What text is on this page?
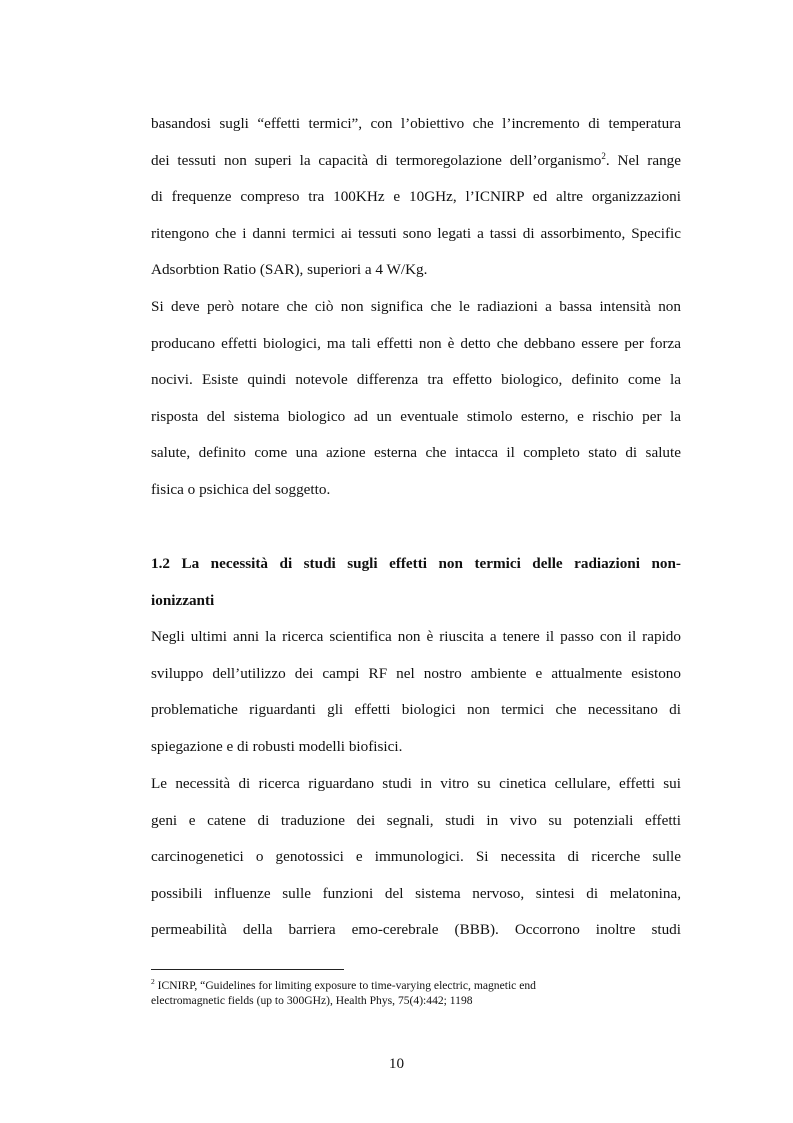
basandosi sugli “effetti termici”, con l’obiettivo che l’incremento di temperatura
dei tessuti non superi la capacità di termoregolazione dell’organismo$^2$. Nel range
di frequenze compreso tra 100KHz e 10GHz, l’ICNIRP ed altre organizzazioni
ritengono che i danni termici ai tessuti sono legati a tassi di assorbimento, Specific
Adsorbtion Ratio (SAR), superiori a 4 W/Kg.
Si deve però notare che ciò non significa che le radiazioni a bassa intensità non
producano effetti biologici, ma tali effetti non è detto che debbano essere per forza
nocivi. Esiste quindi notevole differenza tra effetto biologico, definito come la
risposta del sistema biologico ad un eventuale stimolo esterno, e rischio per la
salute, definito come una azione esterna che intacca il completo stato di salute
fisica o psichica del soggetto.
1.2 La necessità di studi sugli effetti non termici delle radiazioni non-
ionizzanti
Negli ultimi anni la ricerca scientifica non è riuscita a tenere il passo con il rapido
sviluppo dell’utilizzo dei campi RF nel nostro ambiente e attualmente esistono
problematiche riguardanti gli effetti biologici non termici che necessitano di
spiegazione e di robusti modelli biofisici.
Le necessità di ricerca riguardano studi in vitro su cinetica cellulare, effetti sui
geni e catene di traduzione dei segnali, studi in vivo su potenziali effetti
carcinogenetici o genotossici e immunologici. Si necessita di ricerche sulle
possibili influenze sulle funzioni del sistema nervoso, sintesi di melatonina,
permeabilità della barriera emo-cerebrale (BBB). Occorrono inoltre studi
$^2$ ICNIRP, “Guidelines for limiting exposure to time-varying electric, magnetic end
electromagnetic fields (up to 300GHz), Health Phys, 75(4):442; 1198
10
